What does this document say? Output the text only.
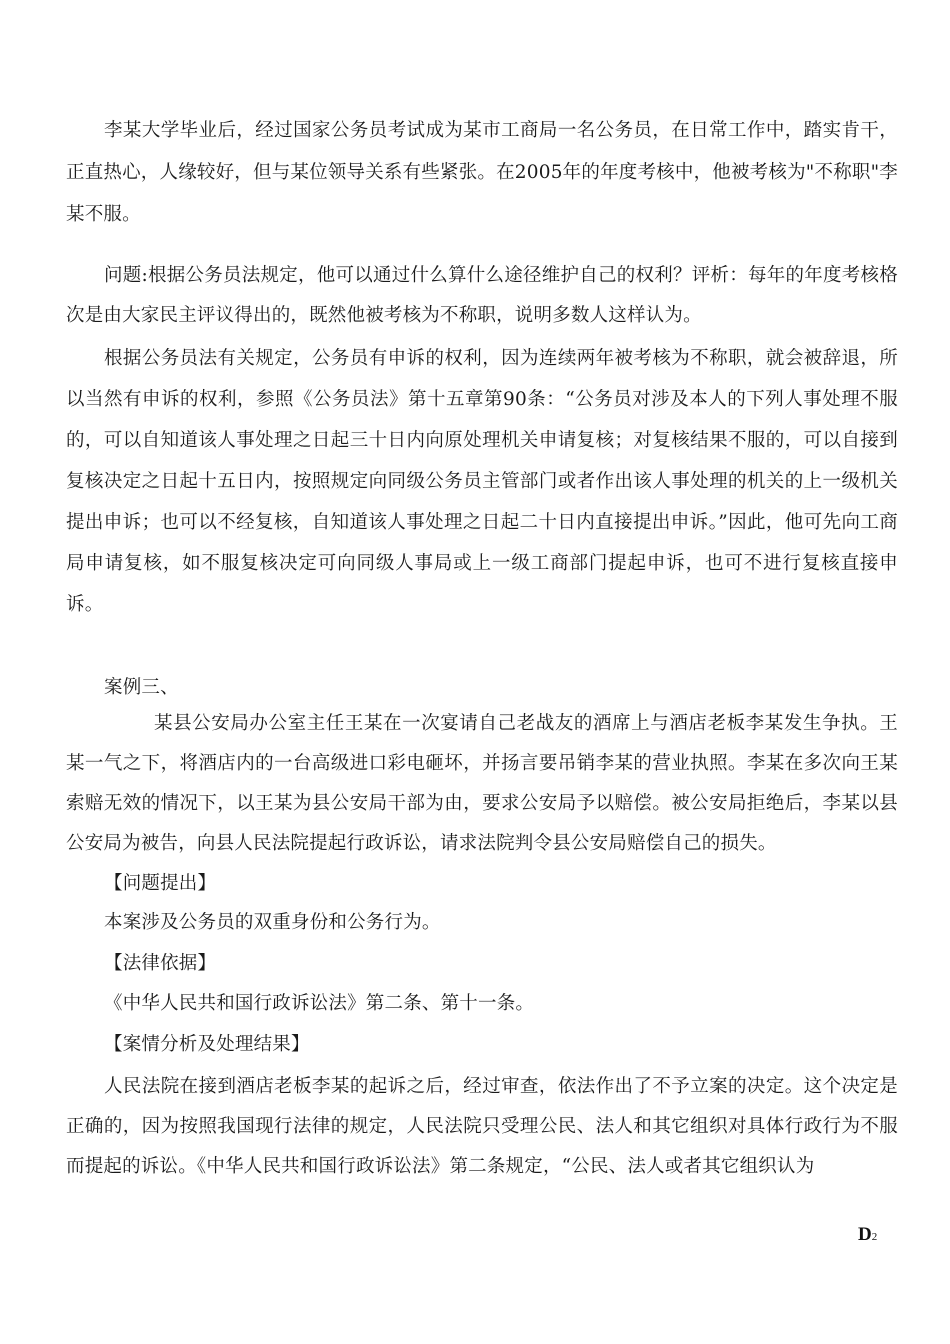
李某大学毕业后，经过国家公务员考试成为某市工商局一名公务员，在日常工作中，踏实肯干，正直热心，人缘较好，但与某位领导关系有些紧张。在2005年的年度考核中，他被考核为"不称职"李某不服。

问题:根据公务员法规定，他可以通过什么算什么途径维护自己的权利？评析：每年的年度考核格次是由大家民主评议得出的，既然他被考核为不称职，说明多数人这样认为。

根据公务员法有关规定，公务员有申诉的权利，因为连续两年被考核为不称职，就会被辞退，所以当然有申诉的权利，参照《公务员法》第十五章第90条：“公务员对涉及本人的下列人事处理不服的，可以自知道该人事处理之日起三十日内向原处理机关申请复核；对复核结果不服的，可以自接到复核决定之日起十五日内，按照规定向同级公务员主管部门或者作出该人事处理的机关的上一级机关提出申诉；也可以不经复核，自知道该人事处理之日起二十日内直接提出申诉。”因此，他可先向工商局申请复核，如不服复核决定可向同级人事局或上一级工商部门提起申诉，也可不进行复核直接申诉。

案例三、

某县公安局办公室主任王某在一次宴请自己老战友的酒席上与酒店老板李某发生争执。王某一气之下，将酒店内的一台高级进口彩电砸坏，并扬言要吊销李某的营业执照。李某在多次向王某索赔无效的情况下，以王某为县公安局干部为由，要求公安局予以赔偿。被公安局拒绝后，李某以县公安局为被告，向县人民法院提起行政诉讼，请求法院判令县公安局赔偿自己的损失。

【问题提出】

本案涉及公务员的双重身份和公务行为。

【法律依据】

《中华人民共和国行政诉讼法》第二条、第十一条。

【案情分析及处理结果】

人民法院在接到酒店老板李某的起诉之后，经过审查，依法作出了不予立案的决定。这个决定是正确的，因为按照我国现行法律的规定，人民法院只受理公民、法人和其它组织对具体行政行为不服而提起的诉讼。《中华人民共和国行政诉讼法》第二条规定，“公民、法人或者其它组织认为

D2
